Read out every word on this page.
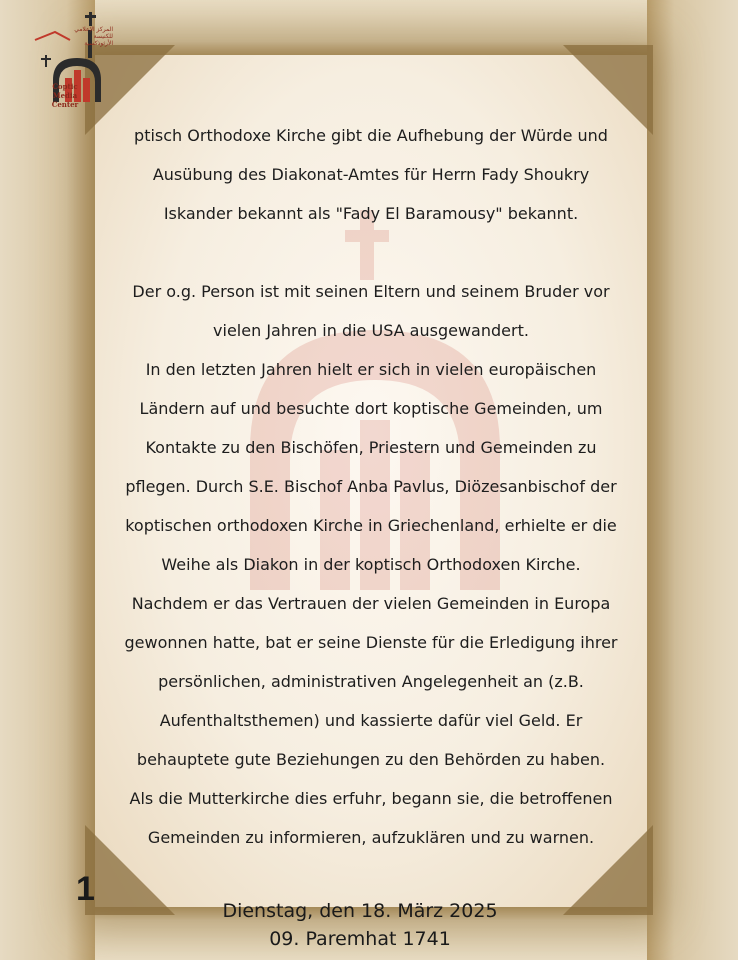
المركز الإعلامي للكنيسة الأرثوذكسية
Coptic
Media
Center
ptisch Orthodoxe Kirche gibt die Aufhebung der Würde und
Ausübung des Diakonat-Amtes für Herrn Fady Shoukry
Iskander bekannt als "Fady El Baramousy" bekannt.
Der o.g. Person ist mit seinen Eltern und seinem Bruder vor
vielen Jahren in die USA ausgewandert.
In den letzten Jahren hielt er sich in vielen europäischen
Ländern auf und besuchte dort koptische Gemeinden, um
Kontakte zu den Bischöfen, Priestern und Gemeinden zu
pflegen. Durch S.E. Bischof Anba Pavlus, Diözesanbischof der
koptischen orthodoxen Kirche in Griechenland, erhielte er die
Weihe als Diakon in der koptisch Orthodoxen Kirche.
Nachdem er das Vertrauen der vielen Gemeinden in Europa
gewonnen hatte, bat er seine Dienste für die Erledigung ihrer
persönlichen, administrativen Angelegenheit an (z.B.
Aufenthaltsthemen) und kassierte dafür viel Geld. Er
behauptete gute Beziehungen zu den Behörden zu haben.
Als die Mutterkirche dies erfuhr, begann sie, die betroffenen
Gemeinden zu informieren, aufzuklären und zu warnen.
1
Dienstag, den 18. März 2025
09. Paremhat 1741
